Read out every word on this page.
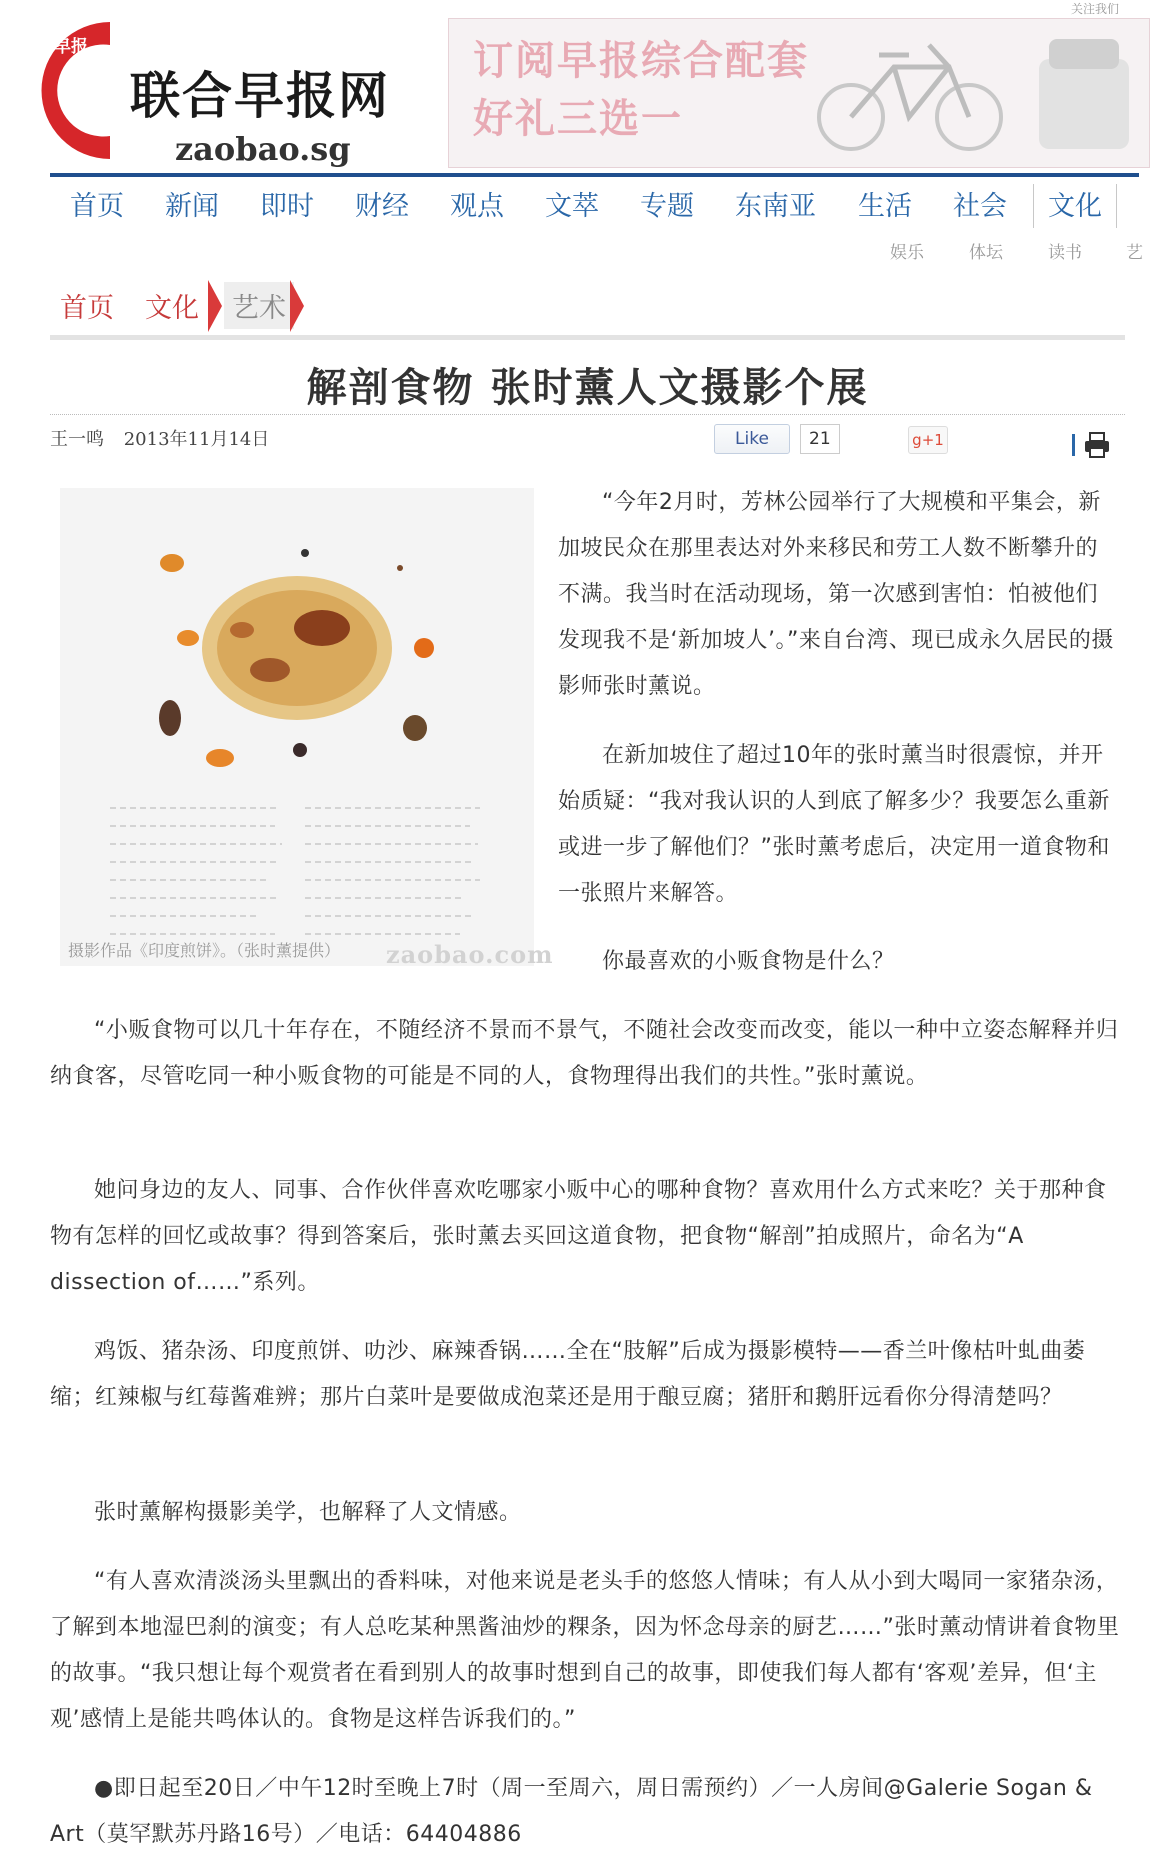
关注我们
早报
联合早报网
zaobao.sg
订阅早报综合配套
好礼三选一
首页 新闻 即时 财经 观点 文萃 专题 东南亚 生活 社会	文化
娱乐	体坛	读书	艺
首页 文化 艺术
解剖食物 张时薰人文摄影个展
王一鸣 2013年11月14日	Like	21	g+1
摄影作品《印度煎饼》。（张时薰提供） zaobao.com

“今年2月时，芳林公园举行了大规模和平集会，新加坡民众在那里表达对外来移民和劳工人数不断攀升的不满。我当时在活动现场，第一次感到害怕：怕被他们发现我不是‘新加坡人’。”来自台湾、现已成永久居民的摄影师张时薰说。

在新加坡住了超过10年的张时薰当时很震惊，并开始质疑：“我对我认识的人到底了解多少？我要怎么重新或进一步了解他们？”张时薰考虑后，决定用一道食物和一张照片来解答。

你最喜欢的小贩食物是什么？

“小贩食物可以几十年存在，不随经济不景而不景气，不随社会改变而改变，能以一种中立姿态解释并归纳食客，尽管吃同一种小贩食物的可能是不同的人，食物理得出我们的共性。”张时薰说。

她问身边的友人、同事、合作伙伴喜欢吃哪家小贩中心的哪种食物？喜欢用什么方式来吃？关于那种食物有怎样的回忆或故事？得到答案后，张时薰去买回这道食物，把食物“解剖”拍成照片，命名为“A dissection of……”系列。

鸡饭、猪杂汤、印度煎饼、叻沙、麻辣香锅……全在“肢解”后成为摄影模特——香兰叶像枯叶虬曲萎缩；红辣椒与红莓酱难辨；那片白菜叶是要做成泡菜还是用于酿豆腐；猪肝和鹅肝远看你分得清楚吗？

张时薰解构摄影美学，也解释了人文情感。

“有人喜欢清淡汤头里飘出的香料味，对他来说是老头手的悠悠人情味；有人从小到大喝同一家猪杂汤，了解到本地湿巴刹的演变；有人总吃某种黑酱油炒的粿条，因为怀念母亲的厨艺……”张时薰动情讲着食物里的故事。“我只想让每个观赏者在看到别人的故事时想到自己的故事，即使我们每人都有‘客观’差异，但‘主观’感情上是能共鸣体认的。食物是这样告诉我们的。”

●即日起至20日／中午12时至晚上7时（周一至周六，周日需预约）／一人房间@Galerie Sogan & Art（莫罕默苏丹路16号）／电话：64404886
